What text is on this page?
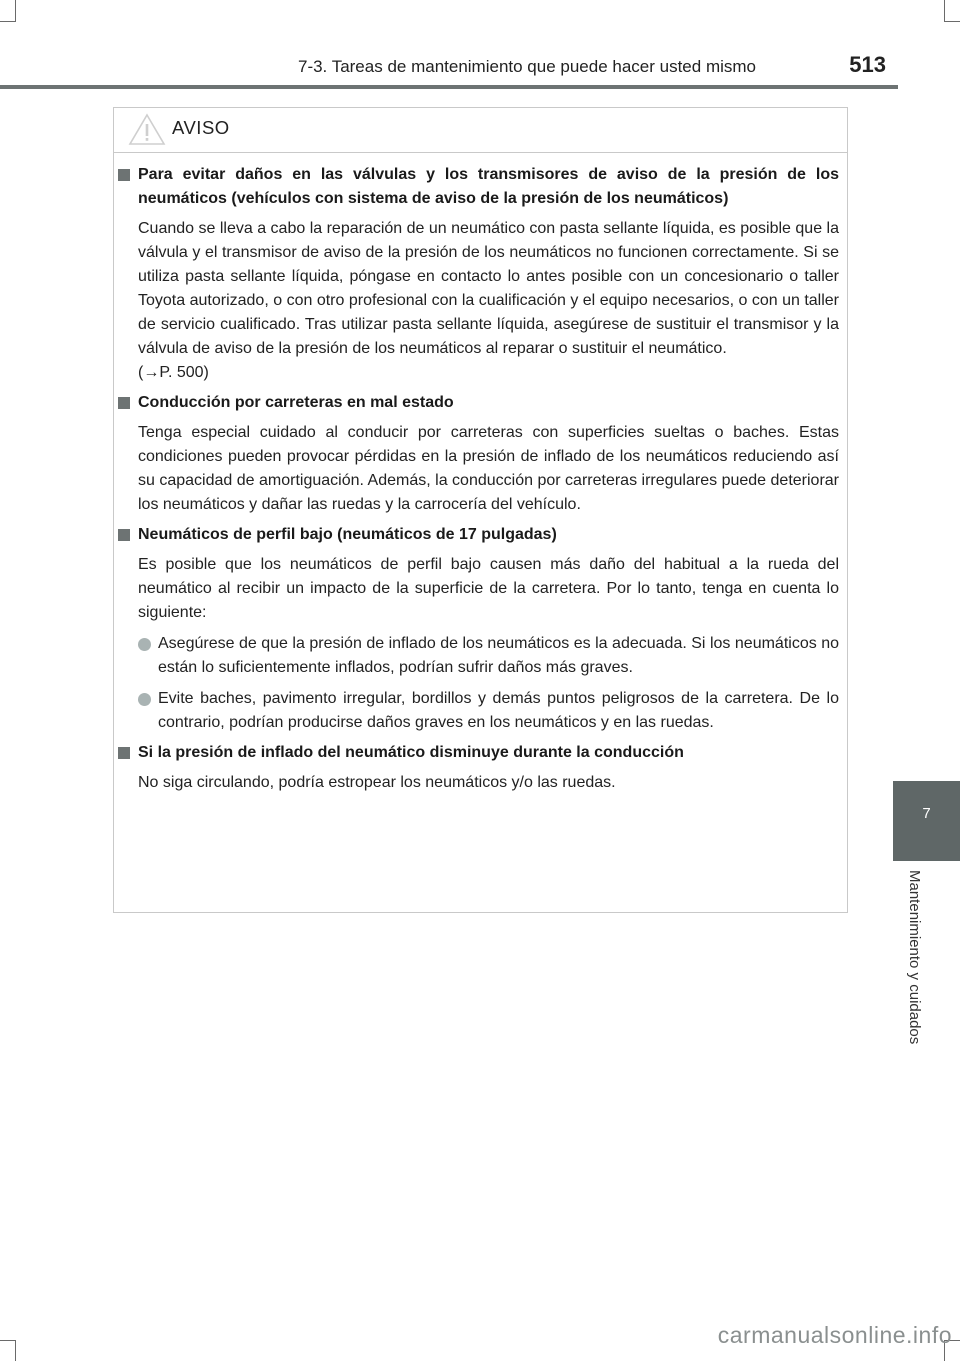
7-3. Tareas de mantenimiento que puede hacer usted mismo	513
7
Mantenimiento y cuidados
AVISO
Para evitar daños en las válvulas y los transmisores de aviso de la presión de los neumáticos (vehículos con sistema de aviso de la presión de los neumáticos)

Cuando se lleva a cabo la reparación de un neumático con pasta sellante líquida, es posible que la válvula y el transmisor de aviso de la presión de los neumáticos no funcionen correctamente. Si se utiliza pasta sellante líquida, póngase en contacto lo antes posible con un concesionario o taller Toyota autorizado, o con otro profesional con la cualificación y el equipo necesarios, o con un taller de servicio cualificado. Tras utilizar pasta sellante líquida, asegúrese de sustituir el transmisor y la válvula de aviso de la presión de los neumáticos al reparar o sustituir el neumático.

(→P. 500)

Conducción por carreteras en mal estado

Tenga especial cuidado al conducir por carreteras con superficies sueltas o baches. Estas condiciones pueden provocar pérdidas en la presión de inflado de los neumáticos reduciendo así su capacidad de amortiguación. Además, la conducción por carreteras irregulares puede deteriorar los neumáticos y dañar las ruedas y la carrocería del vehículo.

Neumáticos de perfil bajo (neumáticos de 17 pulgadas)

Es posible que los neumáticos de perfil bajo causen más daño del habitual a la rueda del neumático al recibir un impacto de la superficie de la carretera. Por lo tanto, tenga en cuenta lo siguiente:

Asegúrese de que la presión de inflado de los neumáticos es la adecuada. Si los neumáticos no están lo suficientemente inflados, podrían sufrir daños más graves.

Evite baches, pavimento irregular, bordillos y demás puntos peligrosos de la carretera. De lo contrario, podrían producirse daños graves en los neumáticos y en las ruedas.

Si la presión de inflado del neumático disminuye durante la conducción

No siga circulando, podría estropear los neumáticos y/o las ruedas.

carmanualsonline.info
